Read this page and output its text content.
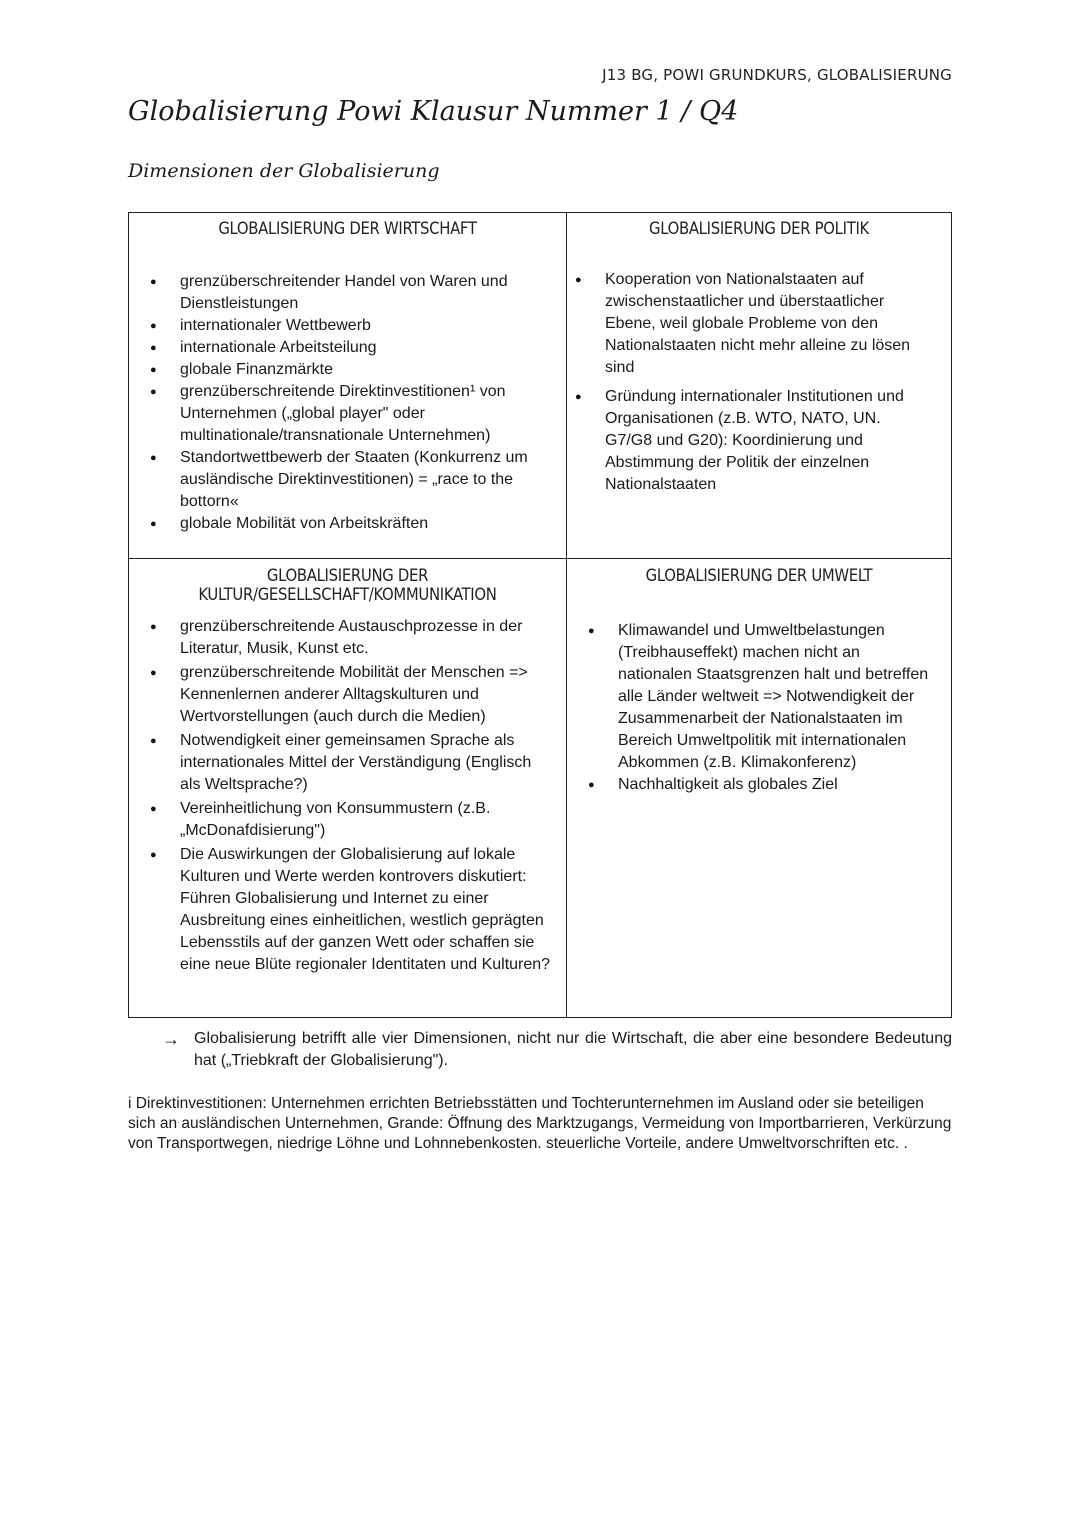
J13 BG, POWI GRUNDKURS, GLOBALISIERUNG
Globalisierung Powi Klausur Nummer 1 / Q4
Dimensionen der Globalisierung
GLOBALISIERUNG DER WIRTSCHAFT
● grenzüberschreitender Handel von Waren und Dienstleistungen
● internationaler Wettbewerb
● internationale Arbeitsteilung
● globale Finanzmärkte
● grenzüberschreitende Direktinvestitionen¹ von Unternehmen („global player" oder multinationale/transnationale Unternehmen)
● Standortwettbewerb der Staaten (Konkurrenz um ausländische Direktinvestitionen) = „race to the bottorn«
● globale Mobilität von Arbeitskräften
GLOBALISIERUNG DER POLITIK
● Kooperation von Nationalstaaten auf zwischenstaatlicher und überstaatlicher Ebene, weil globale Probleme von den Nationalstaaten nicht mehr alleine zu lösen sind
● Gründung internationaler Institutionen und Organisationen (z.B. WTO, NATO, UN. G7/G8 und G20): Koordinierung und Abstimmung der Politik der einzelnen Nationalstaaten
GLOBALISIERUNG DER KULTUR/GESELLSCHAFT/KOMMUNIKATION
● grenzüberschreitende Austauschprozesse in der Literatur, Musik, Kunst etc.
● grenzüberschreitende Mobilität der Menschen => Kennenlernen anderer Alltagskulturen und Wertvorstellungen (auch durch die Medien)
● Notwendigkeit einer gemeinsamen Sprache als internationales Mittel der Verständigung (Englisch als Weltsprache?)
● Vereinheitlichung von Konsummustern (z.B. „McDonafdisierung")
● Die Auswirkungen der Globalisierung auf lokale Kulturen und Werte werden kontrovers diskutiert: Führen Globalisierung und Internet zu einer Ausbreitung eines einheitlichen, westlich geprägten Lebensstils auf der ganzen Wett oder schaffen sie eine neue Blüte regionaler Identitaten und Kulturen?
GLOBALISIERUNG DER UMWELT
● Klimawandel und Umweltbelastungen (Treibhauseffekt) machen nicht an nationalen Staatsgrenzen halt und betreffen alle Länder weltweit => Notwendigkeit der Zusammenarbeit der Nationalstaaten im Bereich Umweltpolitik mit internationalen Abkommen (z.B. Klimakonferenz)
● Nachhaltigkeit als globales Ziel
→ Globalisierung betrifft alle vier Dimensionen, nicht nur die Wirtschaft, die aber eine besondere Bedeutung hat („Triebkraft der Globalisierung").
i Direktinvestitionen: Unternehmen errichten Betriebsstätten und Tochterunternehmen im Ausland oder sie beteiligen sich an ausländischen Unternehmen, Grande: Öffnung des Marktzugangs, Vermeidung von Importbarrieren, Verkürzung von Transportwegen, niedrige Löhne und Lohnnebenkosten. steuerliche Vorteile, andere Umweltvorschriften etc. .
